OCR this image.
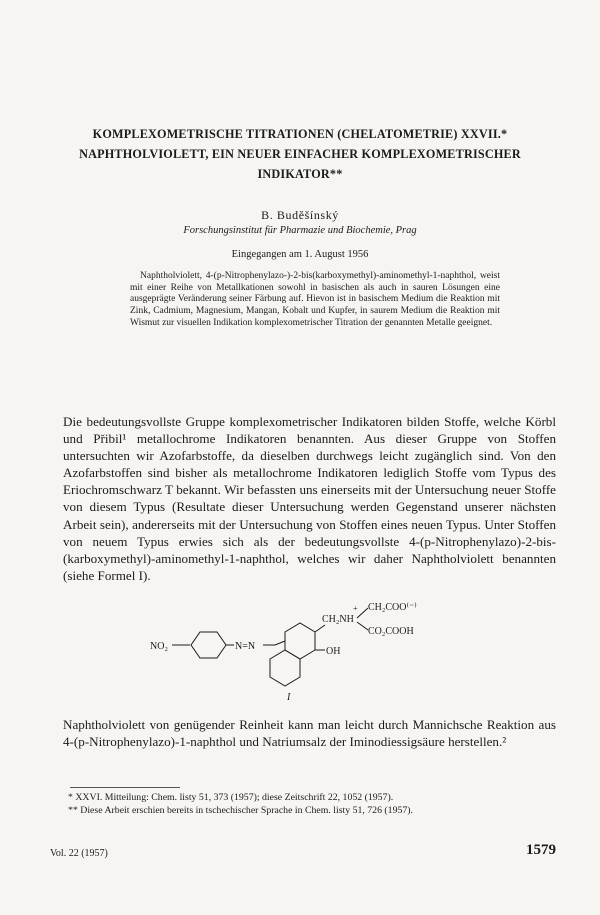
KOMPLEXOMETRISCHE TITRATIONEN (CHELATOMETRIE) XXVII.*
NAPHTHOLVIOLETT, EIN NEUER EINFACHER KOMPLEXOMETRISCHER
INDIKATOR**
B. Budĕšínský
Forschungsinstitut für Pharmazie und Biochemie, Prag
Eingegangen am 1. August 1956

Naphtholviolett, 4-(p-Nitrophenylazo-)-2-bis(karboxymethyl)-aminomethyl-1-naphthol, weist mit einer Reihe von Metallkationen sowohl in basischen als auch in sauren Lösungen eine ausgeprägte Veränderung seiner Färbung auf. Hievon ist in basischem Medium die Reaktion mit Zink, Cadmium, Magnesium, Mangan, Kobalt und Kupfer, in saurem Medium die Reaktion mit Wismut zur visuellen Indikation komplexometrischer Titration der genannten Metalle geeignet.

Die bedeutungsvollste Gruppe komplexometrischer Indikatoren bilden Stoffe, welche Körbl und Přibil¹ metallochrome Indikatoren benannten. Aus dieser Gruppe von Stoffen untersuchten wir Azofarbstoffe, da dieselben durchwegs leicht zugänglich sind. Von den Azofarbstoffen sind bisher als metallochrome Indikatoren lediglich Stoffe vom Typus des Eriochromschwarz T bekannt. Wir befassten uns einerseits mit der Untersuchung neuer Stoffe von diesem Typus (Resultate dieser Untersuchung werden Gegenstand unserer nächsten Arbeit sein), andererseits mit der Untersuchung von Stoffen eines neuen Typus. Unter Stoffen von neuem Typus erwies sich als der bedeutungsvollste 4-(p-Nitrophenylazo)-2-bis-(karboxymethyl)-aminomethyl-1-naphthol, welches wir daher Naphtholviolett benannten (siehe Formel I).

NO₂	N=N
CH₂NH
+ CH₂COO⁽⁻⁾
CO₂COOH
OH
I

Naphtholviolett von genügender Reinheit kann man leicht durch Mannichsche Reaktion aus 4-(p-Nitrophenylazo)-1-naphthol und Natriumsalz der Iminodiessigsäure herstellen.²

* XXVI. Mitteilung: Chem. listy 51, 373 (1957); diese Zeitschrift 22, 1052 (1957).

** Diese Arbeit erschien bereits in tschechischer Sprache in Chem. listy 51, 726 (1957).

Vol. 22 (1957)	1579
